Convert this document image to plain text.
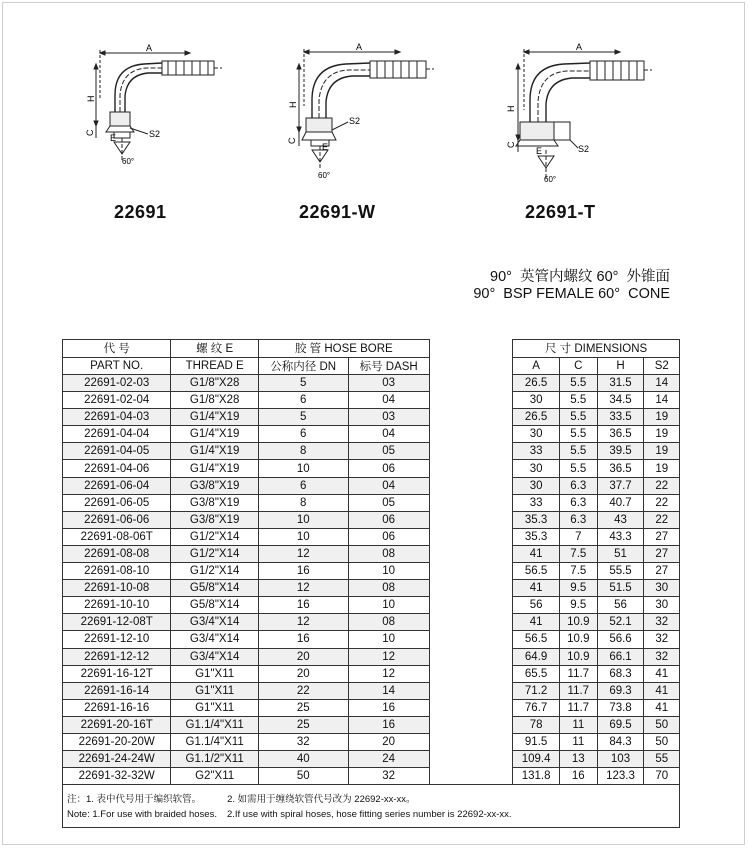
A
H
C
E	S2
60°
A
H
C
E
S2
60°
A
H
C
E	S2
60°
22691	22691-W	22691-T
90°  英管内螺纹 60°  外锥面
90°  BSP FEMALE 60°  CONE
代 号	螺 纹 E	胶 管 HOSE BORE			尺 寸 DIMENSIONS			
PART NO.	THREAD E	公称内径 DN	标号 DASH		A	C	H	S2
22691-02-03	G1/8"X28	5	03		26.5	5.5	31.5	14
22691-02-04	G1/8"X28	6	04		30	5.5	34.5	14
22691-04-03	G1/4"X19	5	03		26.5	5.5	33.5	19
22691-04-04	G1/4"X19	6	04		30	5.5	36.5	19
22691-04-05	G1/4"X19	8	05		33	5.5	39.5	19
22691-04-06	G1/4"X19	10	06		30	5.5	36.5	19
22691-06-04	G3/8"X19	6	04		30	6.3	37.7	22
22691-06-05	G3/8"X19	8	05		33	6.3	40.7	22
22691-06-06	G3/8"X19	10	06		35.3	6.3	43	22
22691-08-06T	G1/2"X14	10	06		35.3	7	43.3	27
22691-08-08	G1/2"X14	12	08		41	7.5	51	27
22691-08-10	G1/2"X14	16	10		56.5	7.5	55.5	27
22691-10-08	G5/8"X14	12	08		41	9.5	51.5	30
22691-10-10	G5/8"X14	16	10		56	9.5	56	30
22691-12-08T	G3/4"X14	12	08		41	10.9	52.1	32
22691-12-10	G3/4"X14	16	10		56.5	10.9	56.6	32
22691-12-12	G3/4"X14	20	12		64.9	10.9	66.1	32
22691-16-12T	G1"X11	20	12		65.5	11.7	68.3	41
22691-16-14	G1"X11	22	14		71.2	11.7	69.3	41
22691-16-16	G1"X11	25	16		76.7	11.7	73.8	41
22691-20-16T	G1.1/4"X11	25	16		78	11	69.5	50
22691-20-20W	G1.1/4"X11	32	20		91.5	11	84.3	50
22691-24-24W	G1.1/2"X11	40	24		109.4	13	103	55
22691-32-32W	G2"X11	50	32		131.8	16	123.3	70
注：1. 表中代号用于编织软管。 2. 如需用于缠绕软管代号改为 22692-xx-xx。								
Note: 1.For use with braided hoses. 2.If use with spiral hoses, hose fitting series number is 22692-xx-xx.								
